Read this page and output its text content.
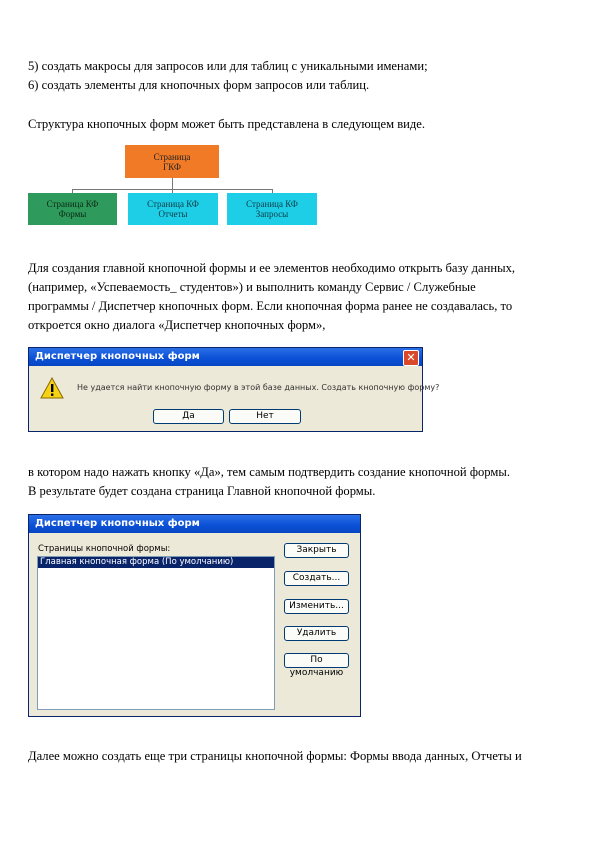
5) создать макросы для запросов или для таблиц с уникальными именами;
6) создать элементы для кнопочных форм запросов или таблиц.
Структура кнопочных форм может быть представлена в следующем виде.
Страница
ГКФ
Страница КФ
Формы
Страница КФ
Отчеты
Страница КФ
Запросы
Для создания главной кнопочной формы и ее элементов необходимо открыть базу данных,
(например, «Успеваемость_ студентов») и выполнить команду Сервис / Служебные
программы / Диспетчер кнопочных форм. Если кнопочная форма ранее не создавалась, то
откроется окно диалога «Диспетчер кнопочных форм»,
Диспетчер кнопочных форм	✕
Не удается найти кнопочную форму в этой базе данных. Создать кнопочную форму?
Да	Нет
в котором надо нажать кнопку «Да», тем самым подтвердить создание кнопочной формы.
В результате будет создана страница Главной кнопочной формы.
Диспетчер кнопочных форм
Страницы кнопочной формы:
Главная кнопочная форма (По умолчанию)
Закрыть
Создать...
Изменить...
Удалить
По умолчанию
Далее можно создать еще три страницы кнопочной формы: Формы ввода данных, Отчеты и
